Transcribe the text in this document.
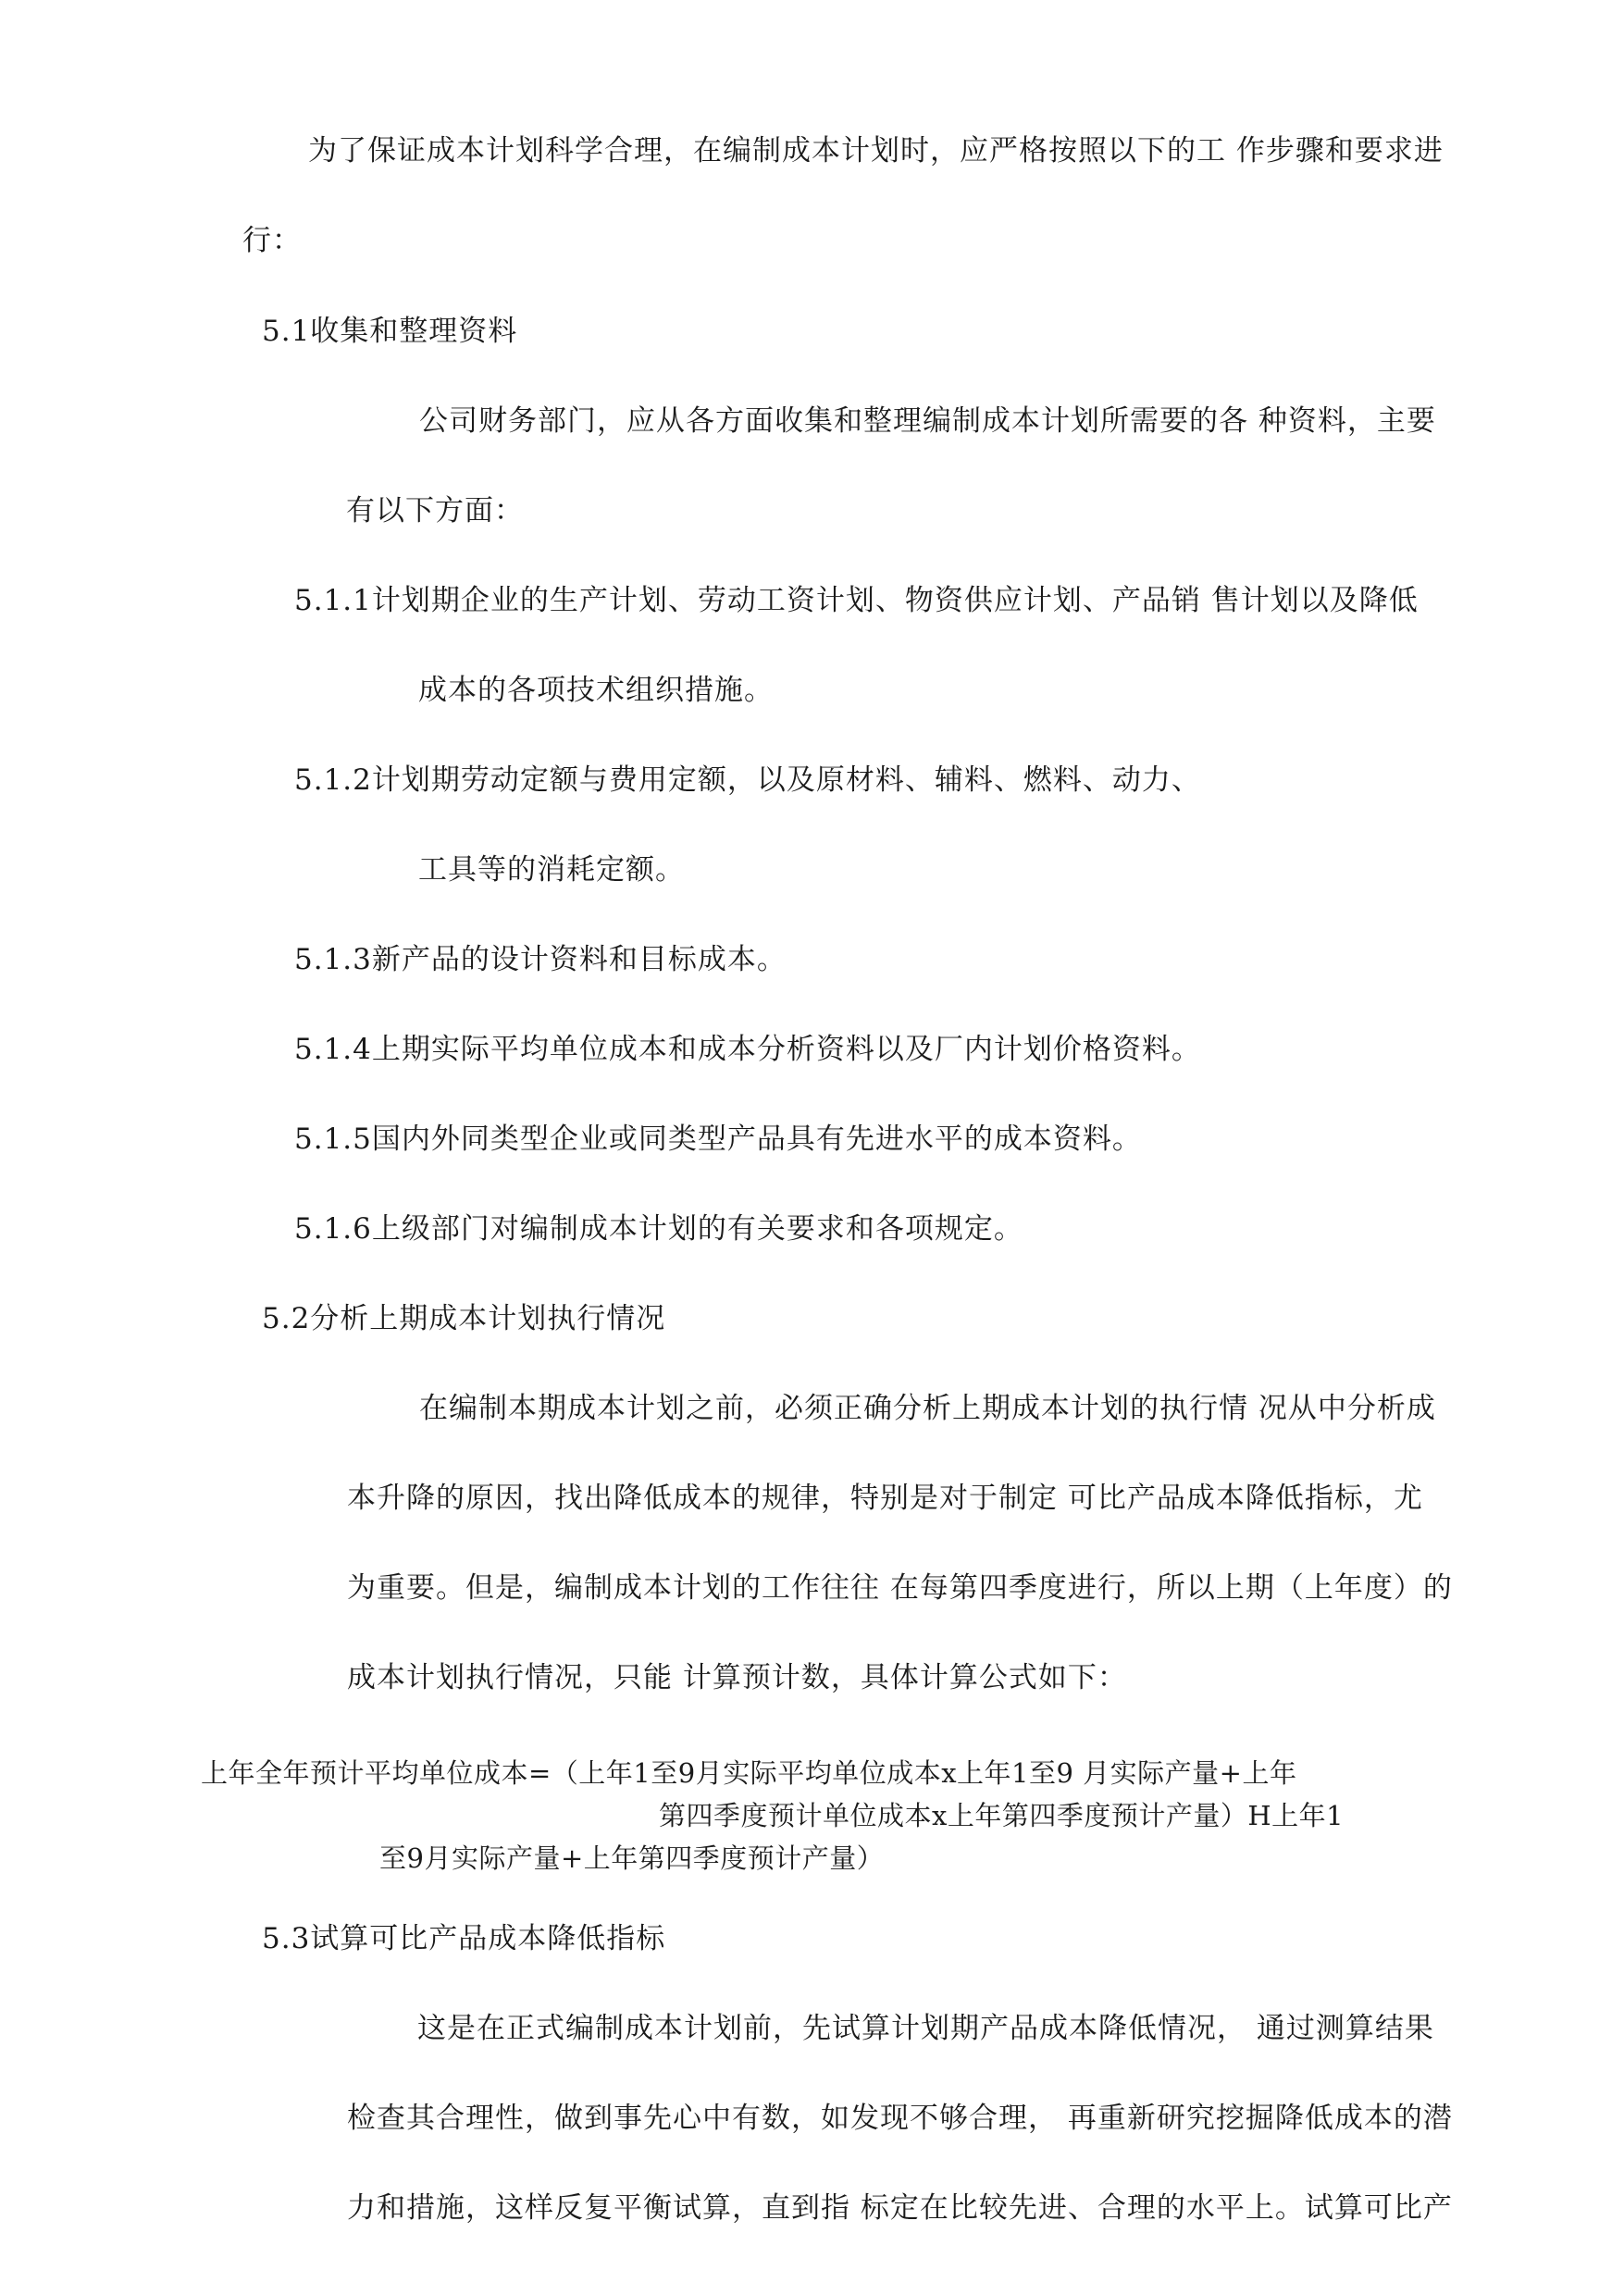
为了保证成本计划科学合理，在编制成本计划时，应严格按照以下的工 作步骤和要求进
行：
5.1收集和整理资料
公司财务部门，应从各方面收集和整理编制成本计划所需要的各 种资料，主要
有以下方面：
5.1.1计划期企业的生产计划、劳动工资计划、物资供应计划、产品销 售计划以及降低
成本的各项技术组织措施。
5.1.2计划期劳动定额与费用定额，以及原材料、辅料、燃料、动力、
工具等的消耗定额。
5.1.3新产品的设计资料和目标成本。
5.1.4上期实际平均单位成本和成本分析资料以及厂内计划价格资料。
5.1.5国内外同类型企业或同类型产品具有先进水平的成本资料。
5.1.6上级部门对编制成本计划的有关要求和各项规定。
5.2分析上期成本计划执行情况
在编制本期成本计划之前，必须正确分析上期成本计划的执行情 况从中分析成
本升降的原因，找出降低成本的规律，特别是对于制定 可比产品成本降低指标，尤
为重要。但是，编制成本计划的工作往往 在每第四季度进行，所以上期（上年度）的
成本计划执行情况，只能 计算预计数，具体计算公式如下：
上年全年预计平均单位成本=（上年1至9月实际平均单位成本x上年1至9 月实际产量+上年
第四季度预计单位成本x上年第四季度预计产量）H上年1
至9月实际产量+上年第四季度预计产量）
5.3试算可比产品成本降低指标
这是在正式编制成本计划前，先试算计划期产品成本降低情况， 通过测算结果
检查其合理性，做到事先心中有数，如发现不够合理， 再重新研究挖掘降低成本的潜
力和措施，这样反复平衡试算，直到指 标定在比较先进、合理的水平上。试算可比产
